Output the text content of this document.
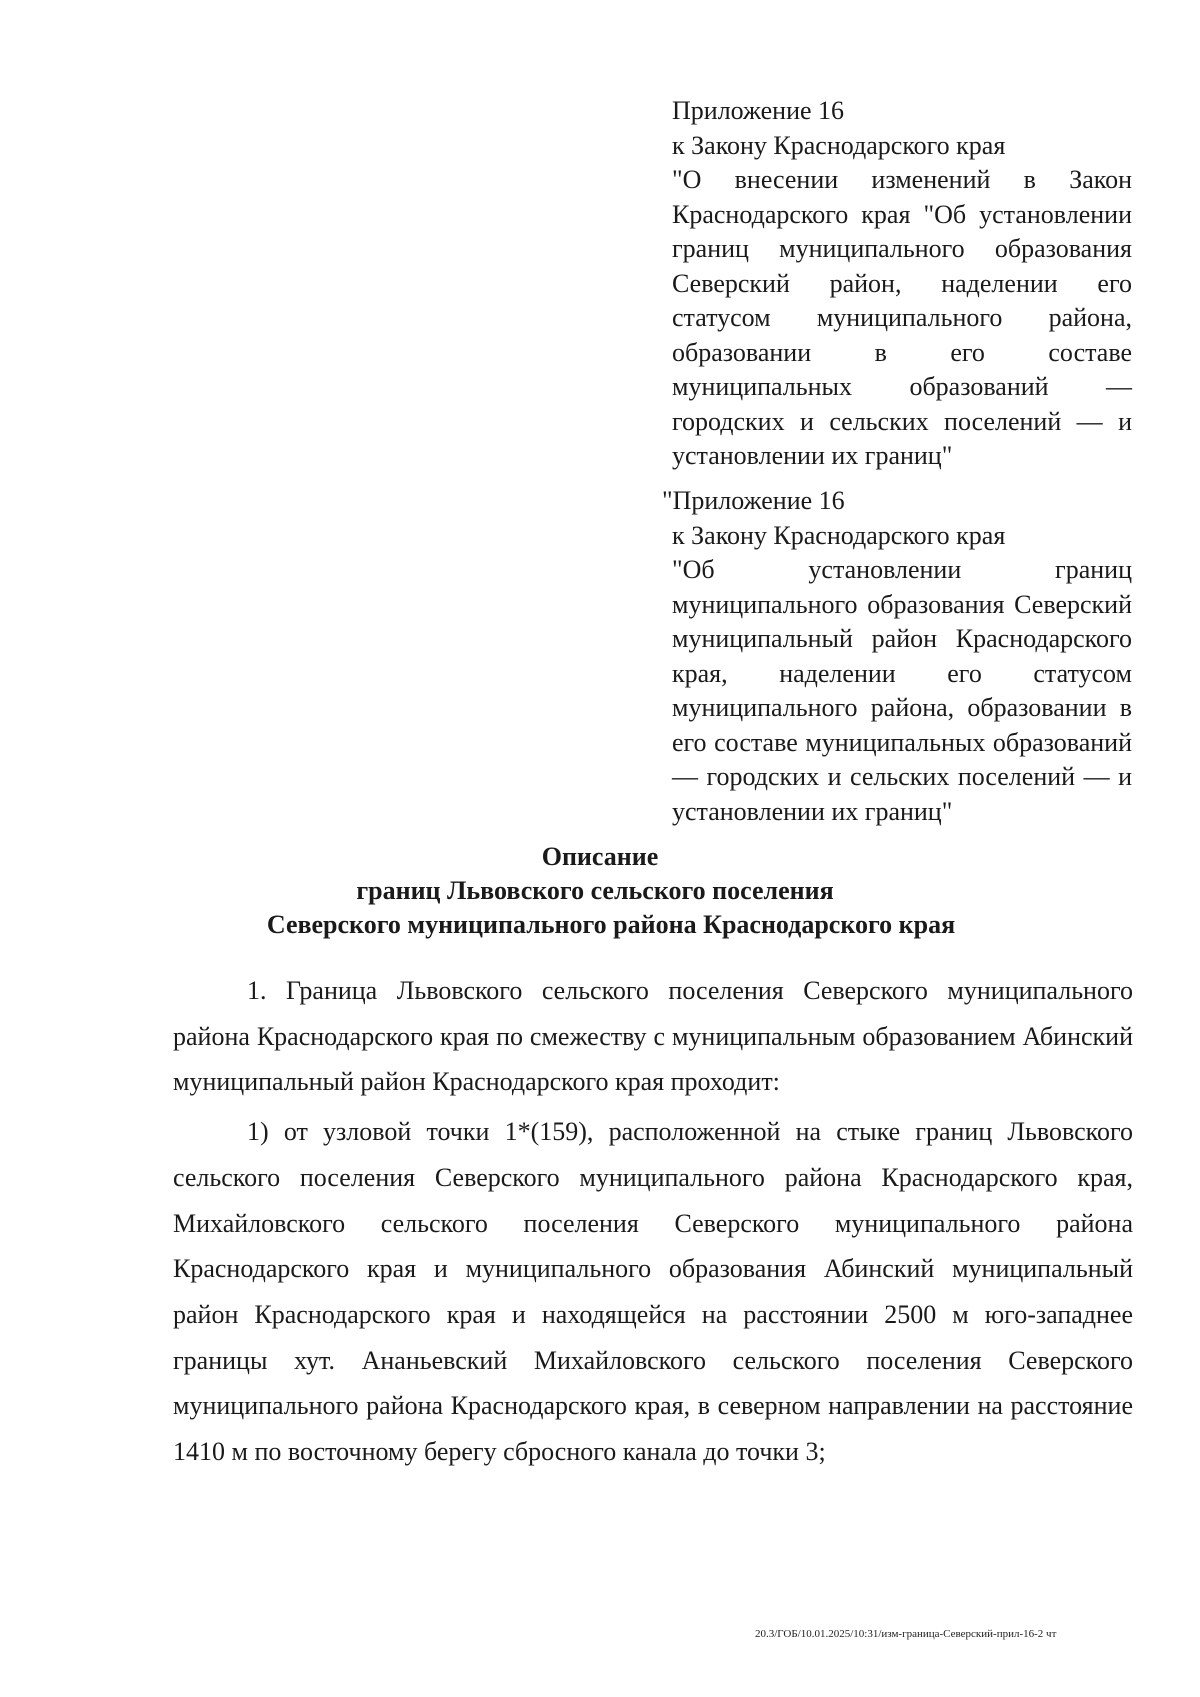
Приложение 16
к Закону Краснодарского края
"О внесении изменений в Закон Краснодарского края "Об установлении границ муниципального образования Северский район, наделении его статусом муниципального района, образовании в его составе муниципальных образований — городских и сельских поселений — и установлении их границ"
"Приложение 16
к Закону Краснодарского края
"Об установлении границ муниципального образования Северский муниципальный район Краснодарского края, наделении его статусом муниципального района, образовании в его составе муниципальных образований — городских и сельских поселений — и установлении их границ"
Описание
границ Львовского сельского поселения
Северского муниципального района Краснодарского края

1. Граница Львовского сельского поселения Северского муниципального района Краснодарского края по смежеству с муниципальным образованием Абинский муниципальный район Краснодарского края проходит:

1) от узловой точки 1*(159), расположенной на стыке границ Львовского сельского поселения Северского муниципального района Краснодарского края, Михайловского сельского поселения Северского муниципального района Краснодарского края и муниципального образования Абинский муниципальный район Краснодарского края и находящейся на расстоянии 2500 м юго-западнее границы хут. Ананьевский Михайловского сельского поселения Северского муниципального района Краснодарского края, в северном направлении на расстояние 1410 м по восточному берегу сбросного канала до точки 3;

20.3/ГОБ/10.01.2025/10:31/изм-граница-Северский-прил-16-2 чт
